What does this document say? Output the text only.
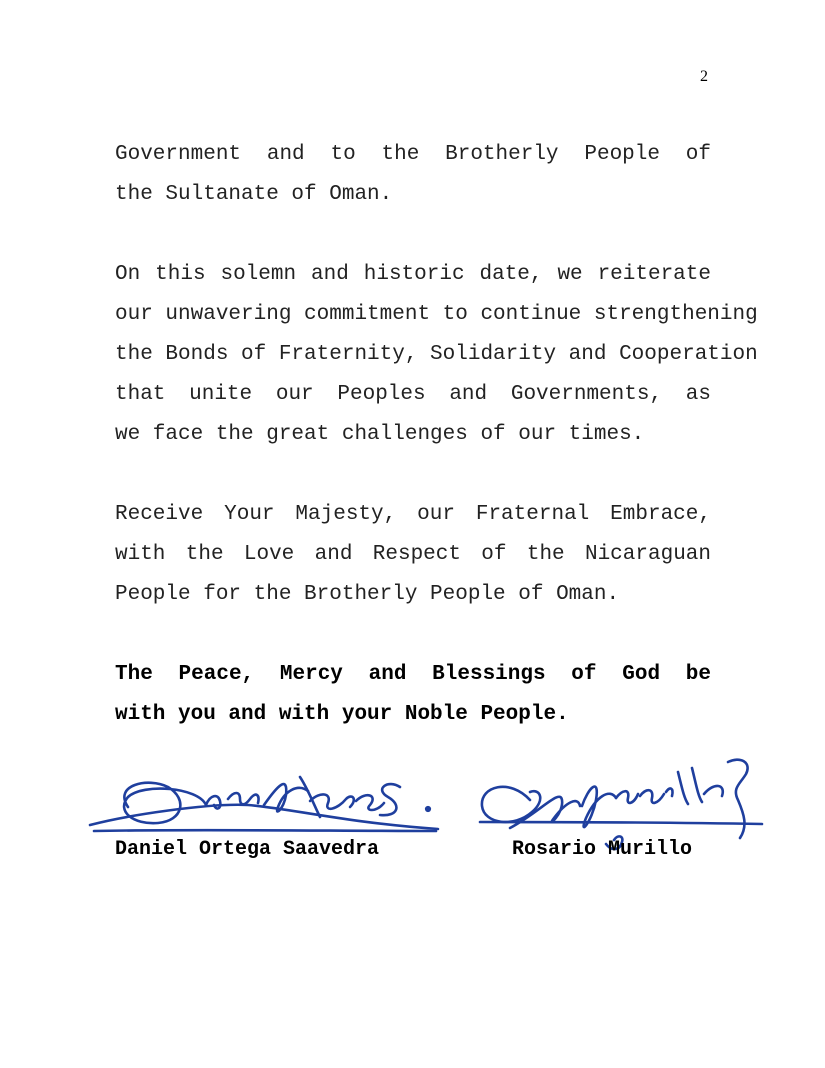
2
Government and to the Brotherly People of
the Sultanate of Oman.
On this solemn and historic date, we reiterate
our unwavering commitment to continue strengthening
the Bonds of Fraternity, Solidarity and Cooperation
that unite our Peoples and Governments, as
we face the great challenges of our times.
Receive Your Majesty, our Fraternal Embrace,
with the Love and Respect of the Nicaraguan
People for the Brotherly People of Oman.
The Peace, Mercy and Blessings of God be
with you and with your Noble People.
Daniel Ortega Saavedra	Rosario Murillo
